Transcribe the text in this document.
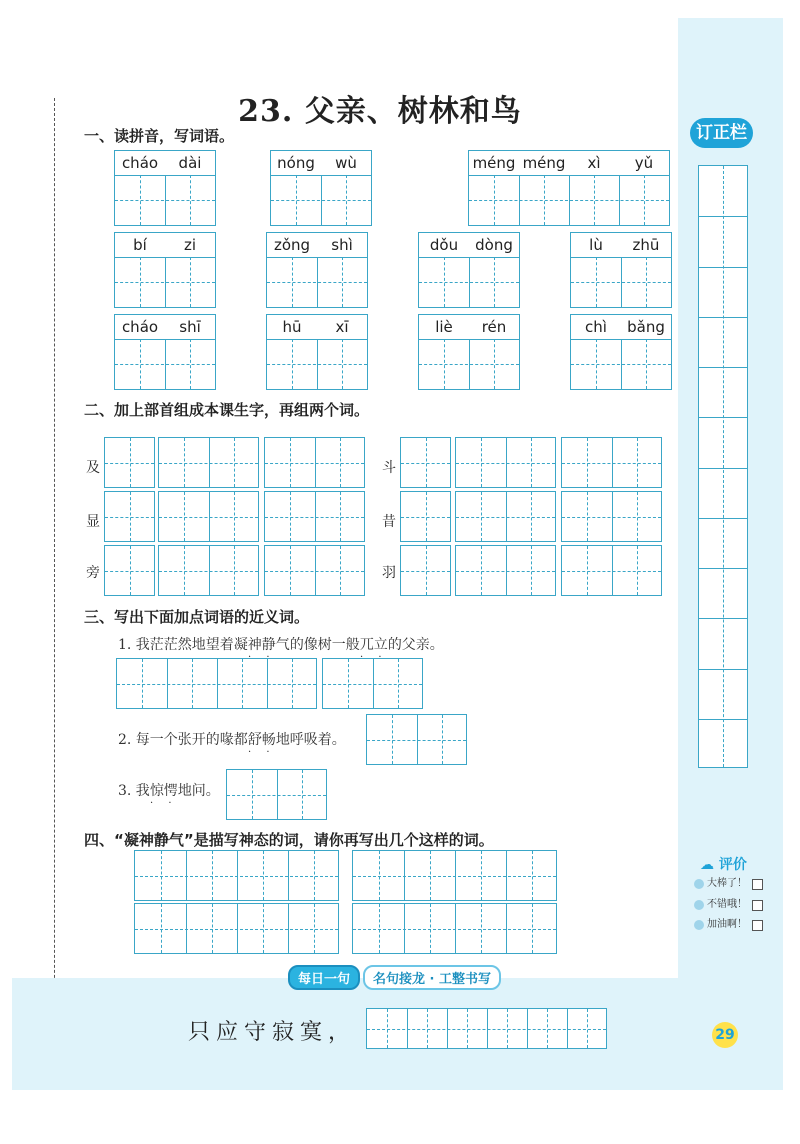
订正栏
☁ 评价
大棒了！
不错哦！
加油啊！
23. 父亲、树林和鸟
一、读拼音，写词语。
cháo	dài	nóng	wù	méng méng	xì	yǔ
bí	zi	zǒng	shì	dǒu	dòng	lù	zhū
cháo	shī	hū	xī	liè	rén	chì	bǎng
二、加上部首组成本课生字，再组两个词。
及
显
旁
斗
昔
羽
三、写出下面加点词语的近义词。
1. 我茫茫然地望着凝神静气 · ·的像树一般兀立 · ·的父亲。
2. 每一个张开的喙都舒畅 · ·地呼吸着。
3. 我惊愕 · ·地问。
四、“凝神静气”是描写神态的词，请你再写出几个这样的词。
每日一句	名句接龙 · 工整书写
只应守寂寞，	29
